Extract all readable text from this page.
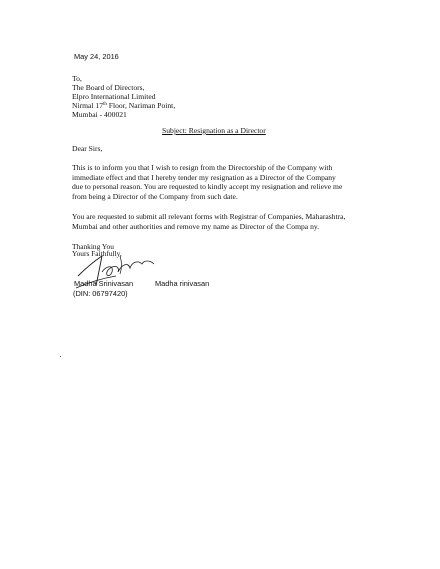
May 24, 2016
To,
The Board of Directors,
Elpro International Limited
Nirmal 17th Floor, Nariman Point,
Mumbai - 400021
Subject: Resignation as a Director
Dear Sirs,
This is to inform you that I wish to resign from the Directorship of the Company with
immediate effect and that I hereby tender my resignation as a Director of the Company
due to personal reason. You are requested to kindly accept my resignation and relieve me
from being a Director of the Company from such date.
You are requested to submit all relevant forms with Registrar of Companies, Maharashtra,
Mumbai and other authorities and remove my name as Director of the Compa ny.
Thanking You
Yours Faithfully,
Madha Srinivasan	Madha rinivasan
(DIN: 06797420)
